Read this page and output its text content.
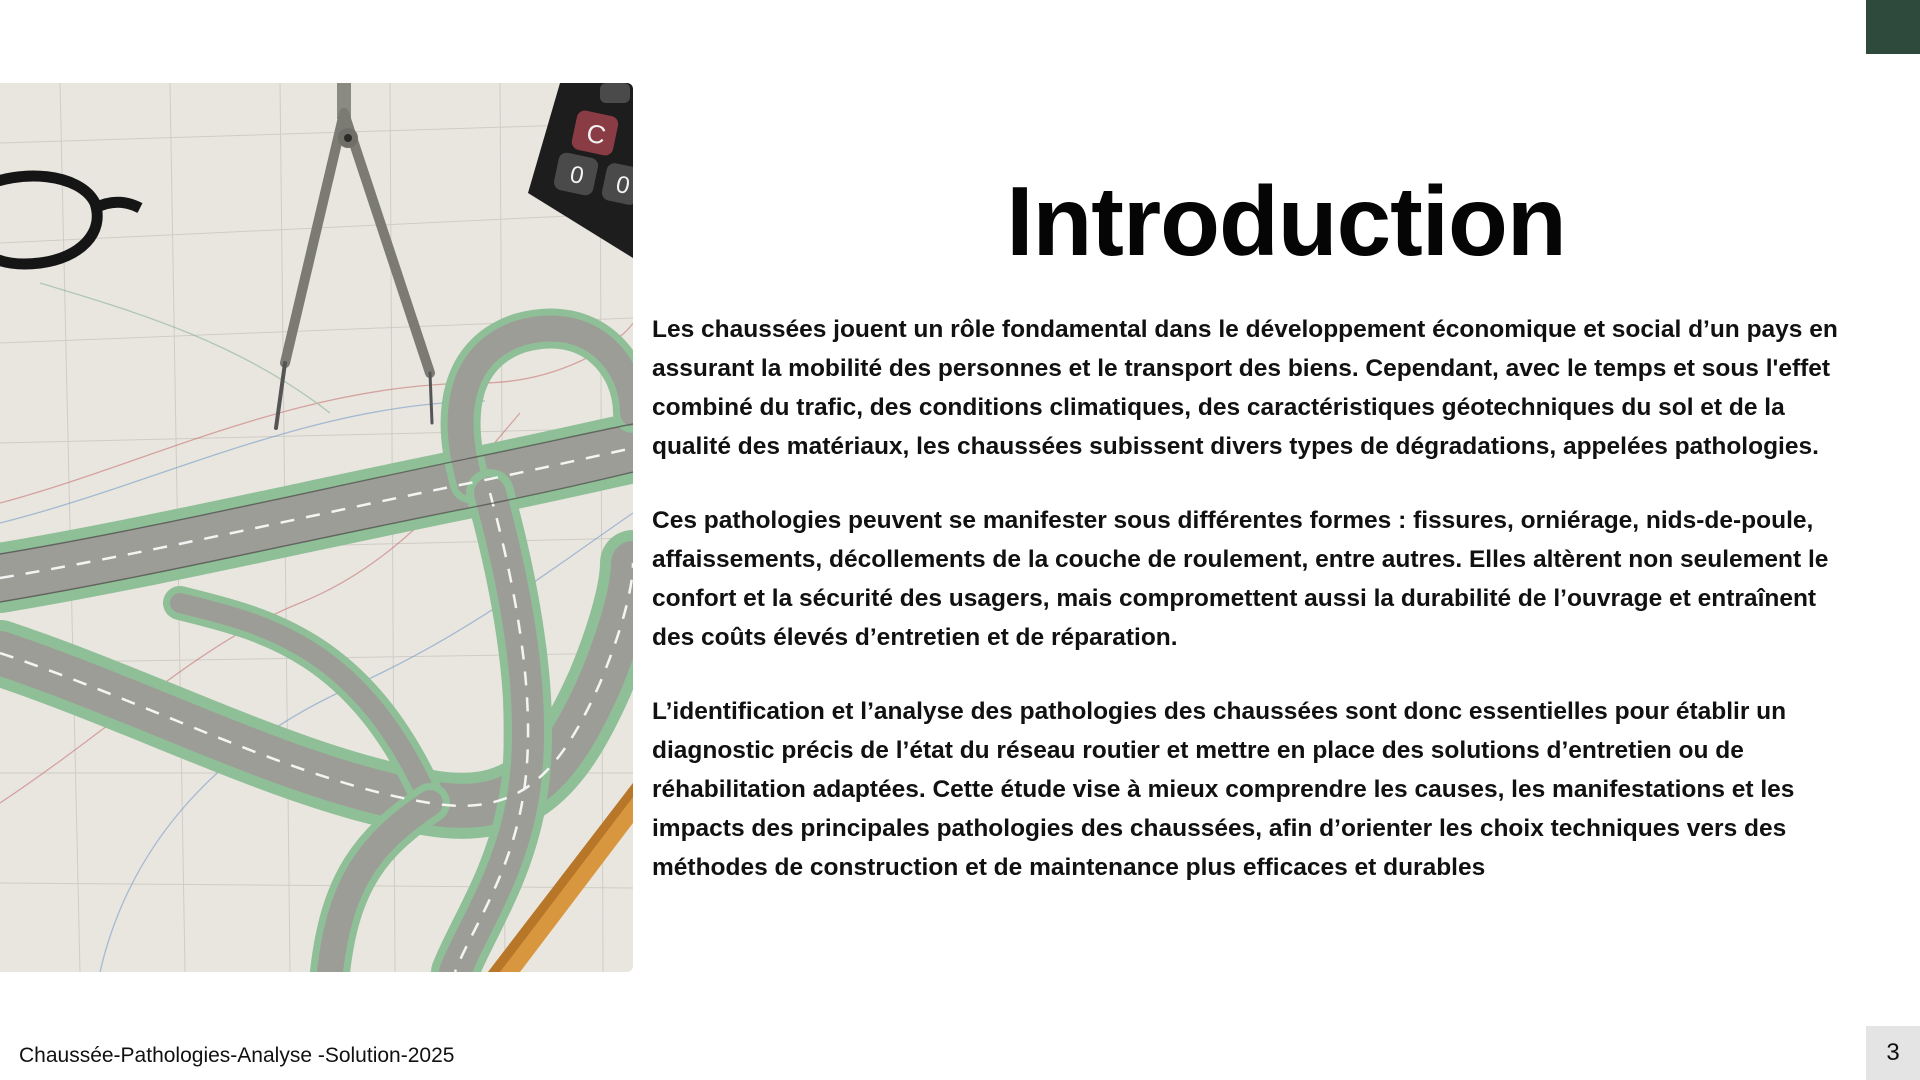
C
0 0	Introduction

Les chaussées jouent un rôle fondamental dans le développement économique et social d’un pays en assurant la mobilité des personnes et le transport des biens. Cependant, avec le temps et sous l'effet combiné du trafic, des conditions climatiques, des caractéristiques géotechniques du sol et de la qualité des matériaux, les chaussées subissent divers types de dégradations, appelées pathologies.

Ces pathologies peuvent se manifester sous différentes formes : fissures, orniérage, nids-de-poule, affaissements, décollements de la couche de roulement, entre autres. Elles altèrent non seulement le confort et la sécurité des usagers, mais compromettent aussi la durabilité de l’ouvrage et entraînent des coûts élevés d’entretien et de réparation.

L’identification et l’analyse des pathologies des chaussées sont donc essentielles pour établir un diagnostic précis de l’état du réseau routier et mettre en place des solutions d’entretien ou de réhabilitation adaptées. Cette étude vise à mieux comprendre les causes, les manifestations et les impacts des principales pathologies des chaussées, afin d’orienter les choix techniques vers des méthodes de construction et de maintenance plus efficaces et durables

Chaussée-Pathologies-Analyse -Solution-2025	3
